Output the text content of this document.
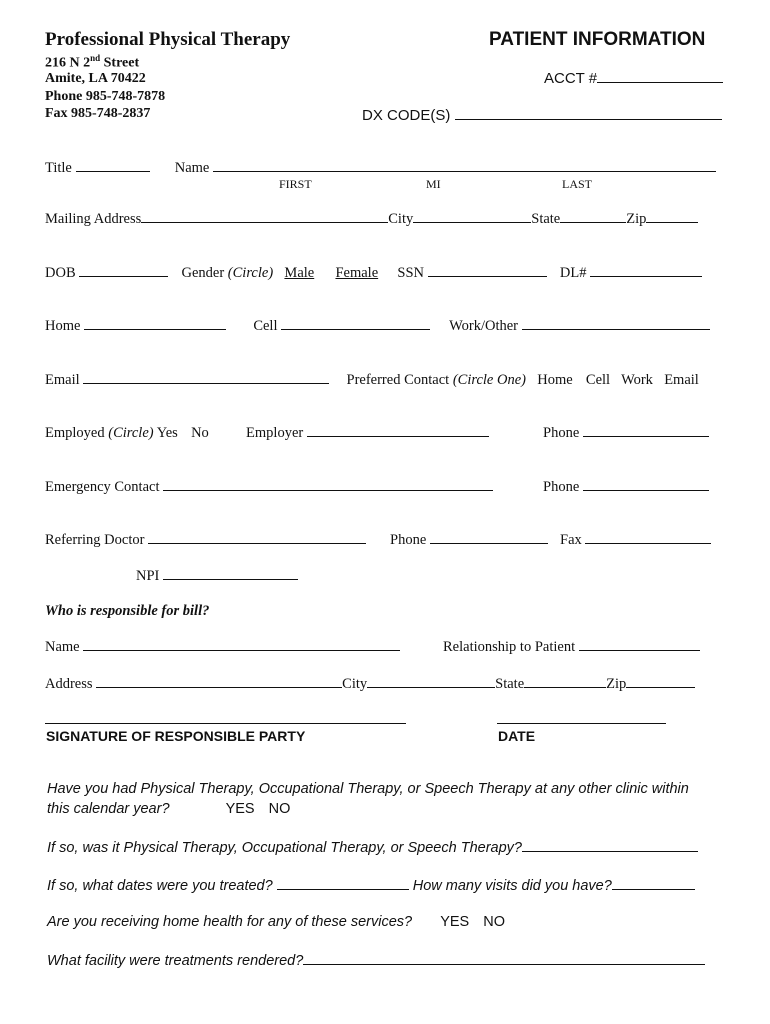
Professional Physical Therapy
216 N 2nd Street
Amite, LA 70422
Phone 985-748-7878
Fax 985-748-2837
PATIENT INFORMATION
ACCT #
DX CODE(S)
Title	Name
FIRST	MI	LAST
Mailing Address	City	State	Zip
DOB	Gender (Circle) Male Female SSN	DL#
Home	Cell	Work/Other
Email	Preferred Contact (Circle One) Home Cell Work Email
Employed (Circle) Yes No	Employer	Phone
Emergency Contact	Phone
Referring Doctor	Phone	Fax
NPI
Who is responsible for bill?
Name	Relationship to Patient
Address	City	State	Zip
SIGNATURE OF RESPONSIBLE PARTY	DATE
Have you had Physical Therapy, Occupational Therapy, or Speech Therapy at any other clinic within
this calendar year?	YES NO
If so, was it Physical Therapy, Occupational Therapy, or Speech Therapy?
If so, what dates were you treated?	How many visits did you have?
Are you receiving home health for any of these services? YES NO
What facility were treatments rendered?
